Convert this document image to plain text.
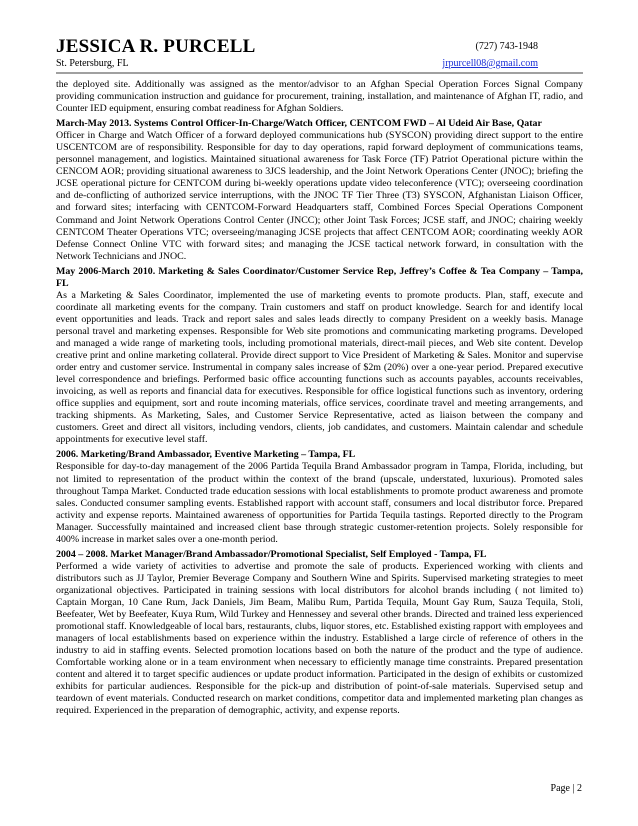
JESSICA R. PURCELL	(727) 743-1948
St. Petersburg, FL	jrpurcell08@gmail.com

the deployed site. Additionally was assigned as the mentor/advisor to an Afghan Special Operation Forces Signal Company providing communication instruction and guidance for procurement, training, installation, and maintenance of Afghan IT, radio, and Counter IED equipment, ensuring combat readiness for Afghan Soldiers.

March-May 2013. Systems Control Officer-In-Charge/Watch Officer, CENTCOM FWD – Al Udeid Air Base, Qatar

Officer in Charge and Watch Officer of a forward deployed communications hub (SYSCON) providing direct support to the entire USCENTCOM are of responsibility. Responsible for day to day operations, rapid forward deployment of communications teams, personnel management, and logistics. Maintained situational awareness for Task Force (TF) Patriot Operational picture within the CENCOM AOR; providing situational awareness to 3JCS leadership, and the Joint Network Operations Center (JNOC); briefing the JCSE operational picture for CENTCOM during bi-weekly operations update video teleconference (VTC); overseeing coordination and de-conflicting of authorized service interruptions, with the JNOC TF Tier Three (T3) SYSCON, Afghanistan Liaison Officer, and forward sites; interfacing with CENTCOM-Forward Headquarters staff, Combined Forces Special Operations Component Command and Joint Network Operations Control Center (JNCC); other Joint Task Forces; JCSE staff, and JNOC; chairing weekly CENTCOM Theater Operations VTC; overseeing/managing JCSE projects that affect CENTCOM AOR; coordinating weekly AOR Defense Connect Online VTC with forward sites; and managing the JCSE tactical network forward, in consultation with the Network Technicians and JNOC.

May 2006-March 2010. Marketing & Sales Coordinator/Customer Service Rep, Jeffrey’s Coffee & Tea Company – Tampa, FL

As a Marketing & Sales Coordinator, implemented the use of marketing events to promote products. Plan, staff, execute and coordinate all marketing events for the company. Train customers and staff on product knowledge. Search for and identify local event opportunities and leads. Track and report sales and sales leads directly to company President on a weekly basis. Manage personal travel and marketing expenses. Responsible for Web site promotions and communicating marketing programs. Developed and managed a wide range of marketing tools, including promotional materials, direct-mail pieces, and Web site content. Develop creative print and online marketing collateral. Provide direct support to Vice President of Marketing & Sales. Monitor and supervise order entry and customer service. Instrumental in company sales increase of $2m (20%) over a one-year period. Prepared executive level correspondence and briefings. Performed basic office accounting functions such as accounts payables, accounts receivables, invoicing, as well as reports and financial data for executives. Responsible for office logistical functions such as inventory, ordering office supplies and equipment, sort and route incoming materials, office services, coordinate travel and meeting arrangements, and tracking shipments. As Marketing, Sales, and Customer Service Representative, acted as liaison between the company and customers. Greet and direct all visitors, including vendors, clients, job candidates, and customers. Maintain calendar and schedule appointments for executive level staff.

2006. Marketing/Brand Ambassador, Eventive Marketing – Tampa, FL

Responsible for day-to-day management of the 2006 Partida Tequila Brand Ambassador program in Tampa, Florida, including, but not limited to representation of the product within the context of the brand (upscale, understated, luxurious). Promoted sales throughout Tampa Market. Conducted trade education sessions with local establishments to promote product awareness and promote sales. Conducted consumer sampling events. Established rapport with account staff, consumers and local distributor force. Prepared activity and expense reports. Maintained awareness of opportunities for Partida Tequila tastings. Reported directly to the Program Manager. Successfully maintained and increased client base through strategic customer-retention projects. Solely responsible for 400% increase in market sales over a one-month period.

2004 – 2008. Market Manager/Brand Ambassador/Promotional Specialist, Self Employed - Tampa, FL

Performed a wide variety of activities to advertise and promote the sale of products. Experienced working with clients and distributors such as JJ Taylor, Premier Beverage Company and Southern Wine and Spirits. Supervised marketing strategies to meet organizational objectives. Participated in training sessions with local distributors for alcohol brands including ( not limited to) Captain Morgan, 10 Cane Rum, Jack Daniels, Jim Beam, Malibu Rum, Partida Tequila, Mount Gay Rum, Sauza Tequila, Stoli, Beefeater, Wet by Beefeater, Kuya Rum, Wild Turkey and Hennessey and several other brands. Directed and trained less experienced promotional staff. Knowledgeable of local bars, restaurants, clubs, liquor stores, etc. Established existing rapport with employees and managers of local establishments based on experience within the industry. Established a large circle of reference of others in the industry to aid in staffing events. Selected promotion locations based on both the nature of the product and the type of audience. Comfortable working alone or in a team environment when necessary to efficiently manage time constraints. Prepared presentation content and altered it to target specific audiences or update product information. Participated in the design of exhibits or customized exhibits for particular audiences. Responsible for the pick-up and distribution of point-of-sale materials. Supervised setup and teardown of event materials. Conducted research on market conditions, competitor data and implemented marketing plan changes as required. Experienced in the preparation of demographic, activity, and expense reports.

Page | 2
